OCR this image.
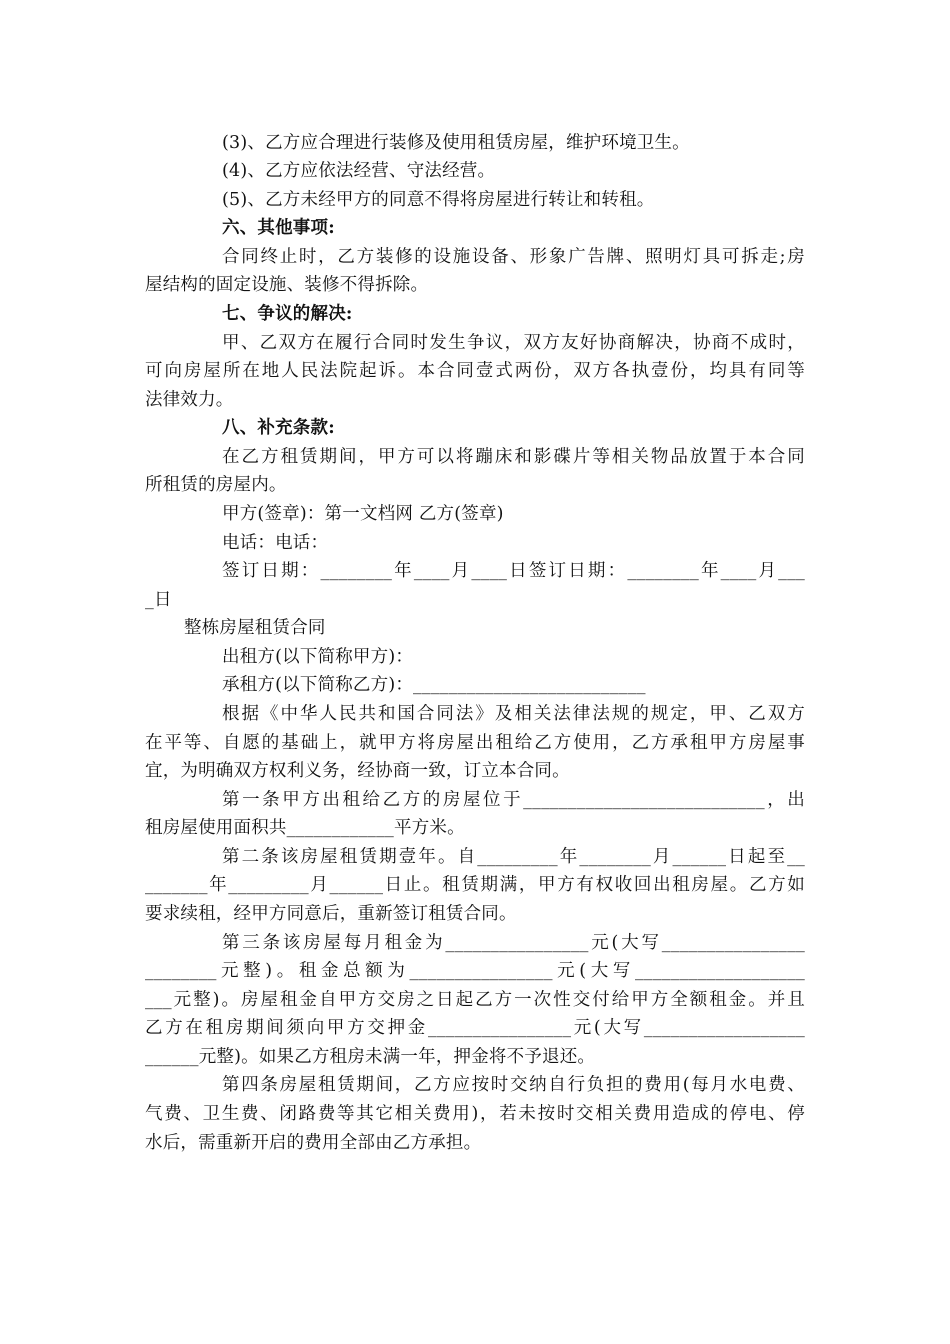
(3)、乙方应合理进行装修及使用租赁房屋，维护环境卫生。
(4)、乙方应依法经营、守法经营。
(5)、乙方未经甲方的同意不得将房屋进行转让和转租。
六、其他事项:
合同终止时，乙方装修的设施设备、形象广告牌、照明灯具可拆走;房
屋结构的固定设施、装修不得拆除。
七、争议的解决:
甲、乙双方在履行合同时发生争议，双方友好协商解决，协商不成时，
可向房屋所在地人民法院起诉。本合同壹式两份，双方各执壹份，均具有同等
法律效力。
八、补充条款:
在乙方租赁期间，甲方可以将蹦床和影碟片等相关物品放置于本合同
所租赁的房屋内。
甲方(签章)：第一文档网 乙方(签章)
电话：电话：
签订日期：________年____月____日签订日期：________年____月___
_日
整栋房屋租赁合同
出租方(以下简称甲方)：
承租方(以下简称乙方)：__________________________
根据《中华人民共和国合同法》及相关法律法规的规定，甲、乙双方
在平等、自愿的基础上，就甲方将房屋出租给乙方使用，乙方承租甲方房屋事
宜，为明确双方权利义务，经协商一致，订立本合同。
第一条甲方出租给乙方的房屋位于___________________________，出
租房屋使用面积共____________平方米。
第二条该房屋租赁期壹年。自_________年________月______日起至__
_______年_________月______日止。租赁期满，甲方有权收回出租房屋。乙方如
要求续租，经甲方同意后，重新签订租赁合同。
第三条该房屋每月租金为________________元(大写________________
________元整)。租金总额为________________元(大写___________________
___元整)。房屋租金自甲方交房之日起乙方一次性交付给甲方全额租金。并且
乙方在租房期间须向甲方交押金________________元(大写__________________
______元整)。如果乙方租房未满一年，押金将不予退还。
第四条房屋租赁期间，乙方应按时交纳自行负担的费用(每月水电费、
气费、卫生费、闭路费等其它相关费用)，若未按时交相关费用造成的停电、停
水后，需重新开启的费用全部由乙方承担。
